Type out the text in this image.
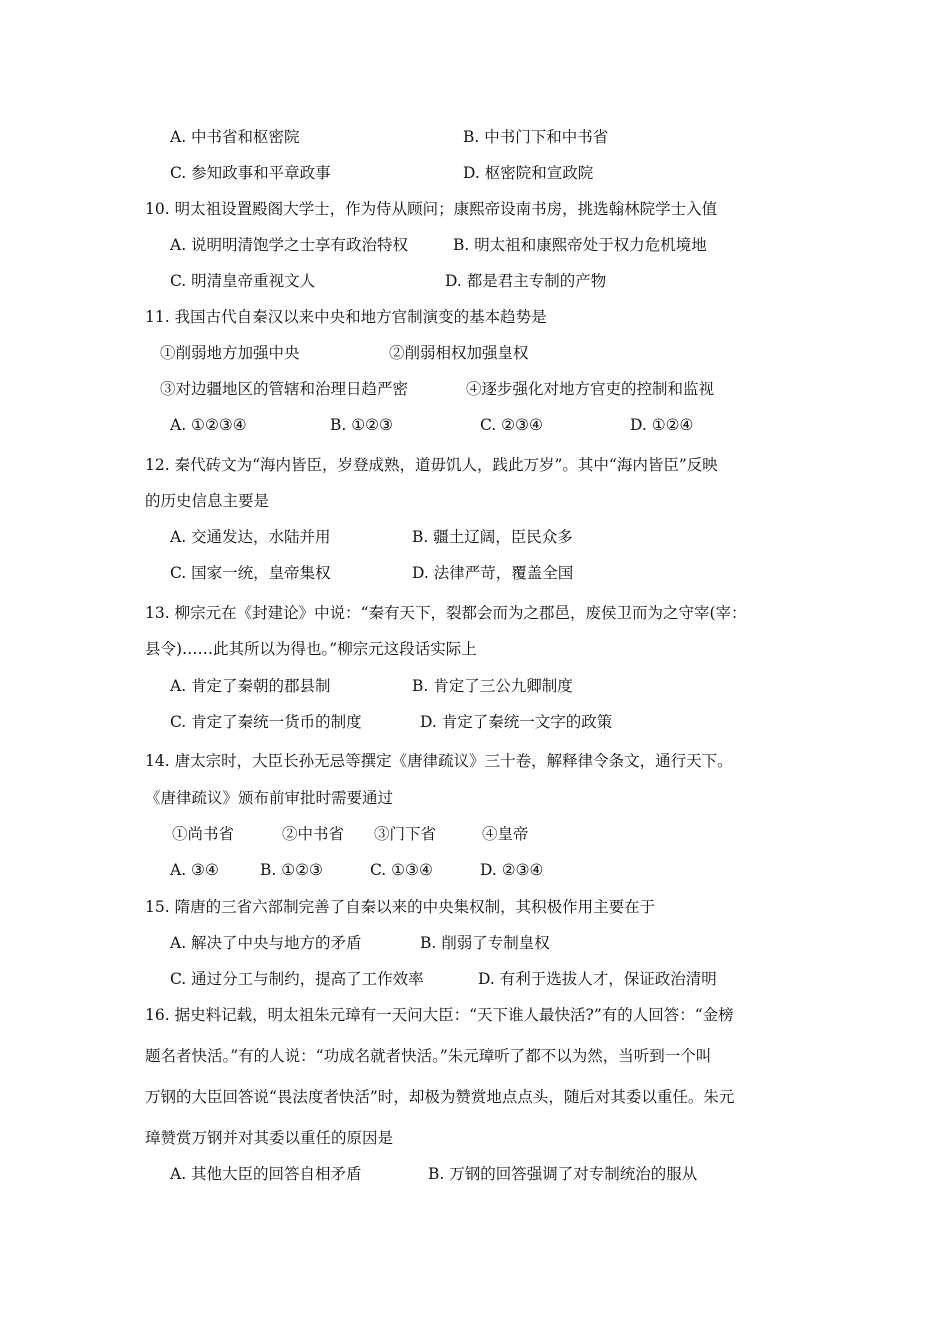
A. 中书省和枢密院	B. 中书门下和中书省
C. 参知政事和平章政事	D. 枢密院和宣政院
10. 明太祖设置殿阁大学士，作为侍从顾问；康熙帝设南书房，挑选翰林院学士入值
A. 说明明清饱学之士享有政治特权	B. 明太祖和康熙帝处于权力危机境地
C. 明清皇帝重视文人	D. 都是君主专制的产物
11. 我国古代自秦汉以来中央和地方官制演变的基本趋势是
①削弱地方加强中央	②削弱相权加强皇权
③对边疆地区的管辖和治理日趋严密	④逐步强化对地方官吏的控制和监视
A. ①②③④	B. ①②③	C. ②③④	D. ①②④
12. 秦代砖文为“海内皆臣，岁登成熟，道毋饥人，践此万岁”。其中“海内皆臣”反映
的历史信息主要是
A. 交通发达，水陆并用	B. 疆土辽阔，臣民众多
C. 国家一统，皇帝集权	D. 法律严苛，覆盖全国
13. 柳宗元在《封建论》中说：“秦有天下，裂都会而为之郡邑，废侯卫而为之守宰(宰：
县令)……此其所以为得也。”柳宗元这段话实际上
A. 肯定了秦朝的郡县制	B. 肯定了三公九卿制度
C. 肯定了秦统一货币的制度	D. 肯定了秦统一文字的政策
14. 唐太宗时，大臣长孙无忌等撰定《唐律疏议》三十卷，解释律令条文，通行天下。
《唐律疏议》颁布前审批时需要通过
①尚书省	②中书省 ③门下省	④皇帝
A. ③④	B. ①②③	C. ①③④	D. ②③④
15. 隋唐的三省六部制完善了自秦以来的中央集权制，其积极作用主要在于
A. 解决了中央与地方的矛盾	B. 削弱了专制皇权
C. 通过分工与制约，提高了工作效率	D. 有利于选拔人才，保证政治清明
16. 据史料记载，明太祖朱元璋有一天问大臣：“天下谁人最快活?”有的人回答：“金榜
题名者快活。”有的人说：“功成名就者快活。”朱元璋听了都不以为然，当听到一个叫
万钢的大臣回答说“畏法度者快活”时，却极为赞赏地点点头，随后对其委以重任。朱元
璋赞赏万钢并对其委以重任的原因是
A. 其他大臣的回答自相矛盾	B. 万钢的回答强调了对专制统治的服从
